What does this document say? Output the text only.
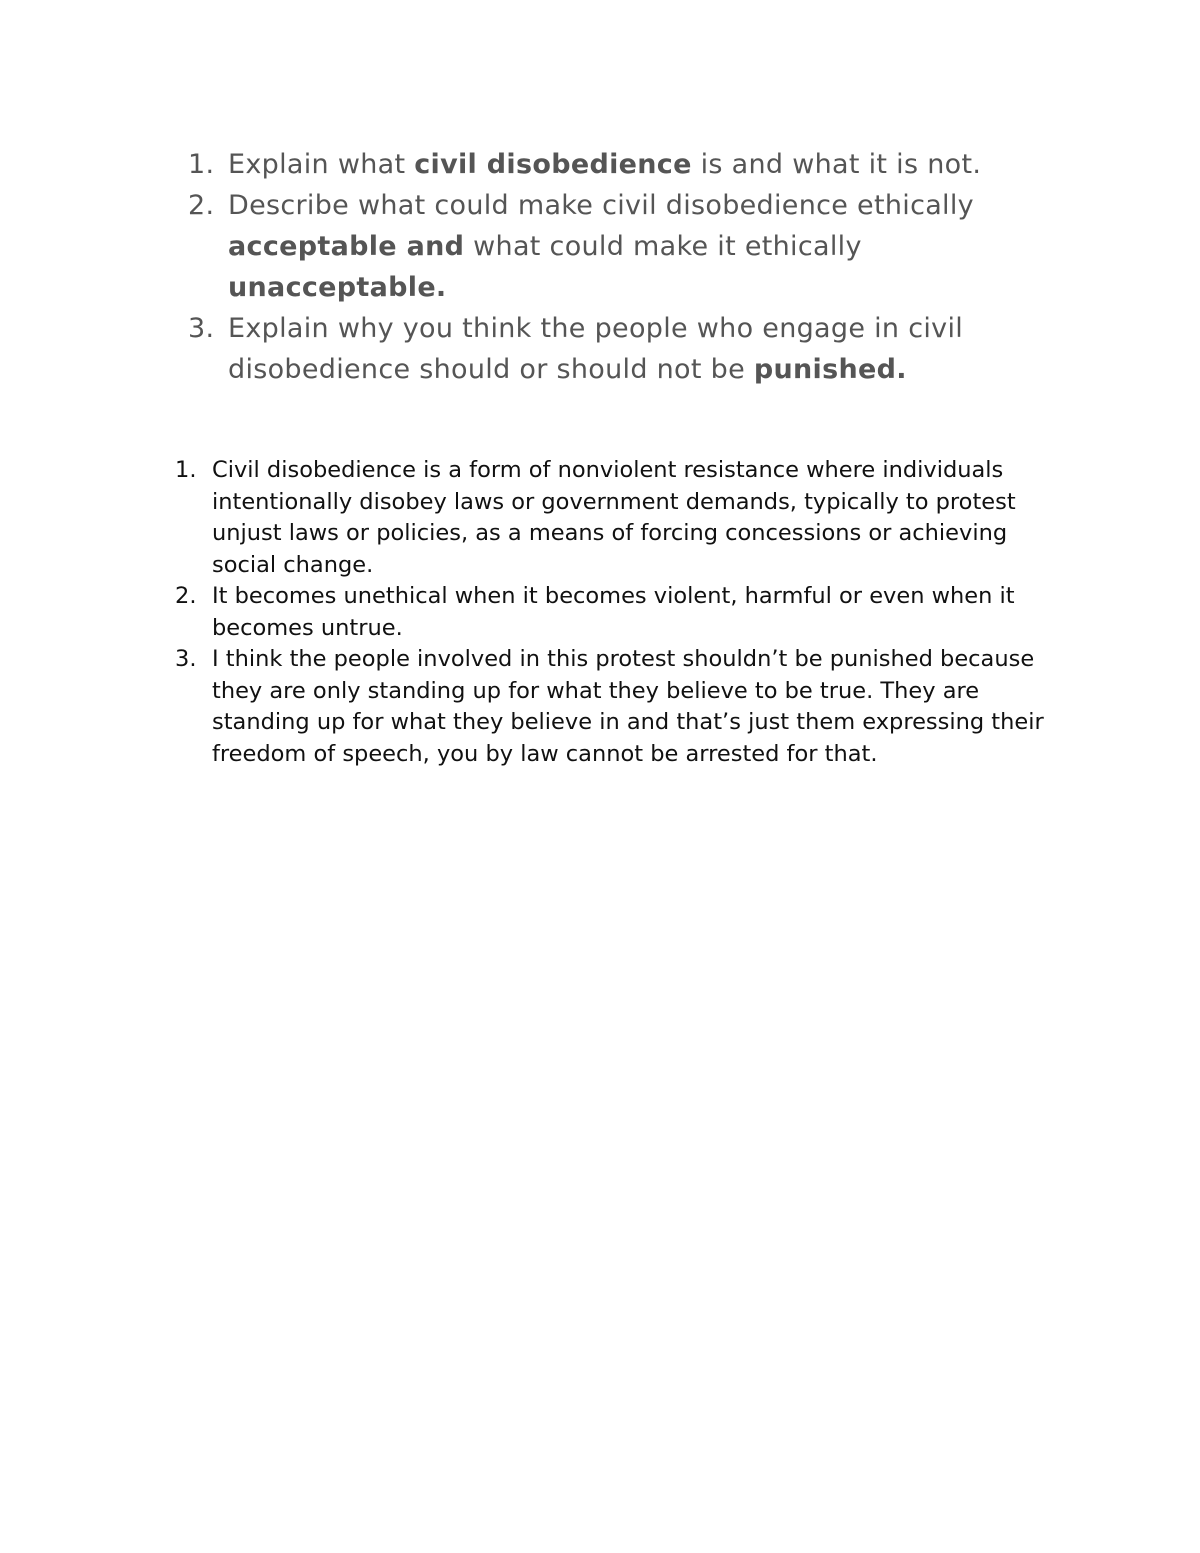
1. Explain what civil disobedience is and what it is not.
2. Describe what could make civil disobedience ethically acceptable and what could make it ethically unacceptable.
3. Explain why you think the people who engage in civil disobedience should or should not be punished.
1. Civil disobedience is a form of nonviolent resistance where individuals intentionally disobey laws or government demands, typically to protest unjust laws or policies, as a means of forcing concessions or achieving social change.
2. It becomes unethical when it becomes violent, harmful or even when it becomes untrue.
3. I think the people involved in this protest shouldn’t be punished because they are only standing up for what they believe to be true. They are standing up for what they believe in and that’s just them expressing their freedom of speech, you by law cannot be arrested for that.
